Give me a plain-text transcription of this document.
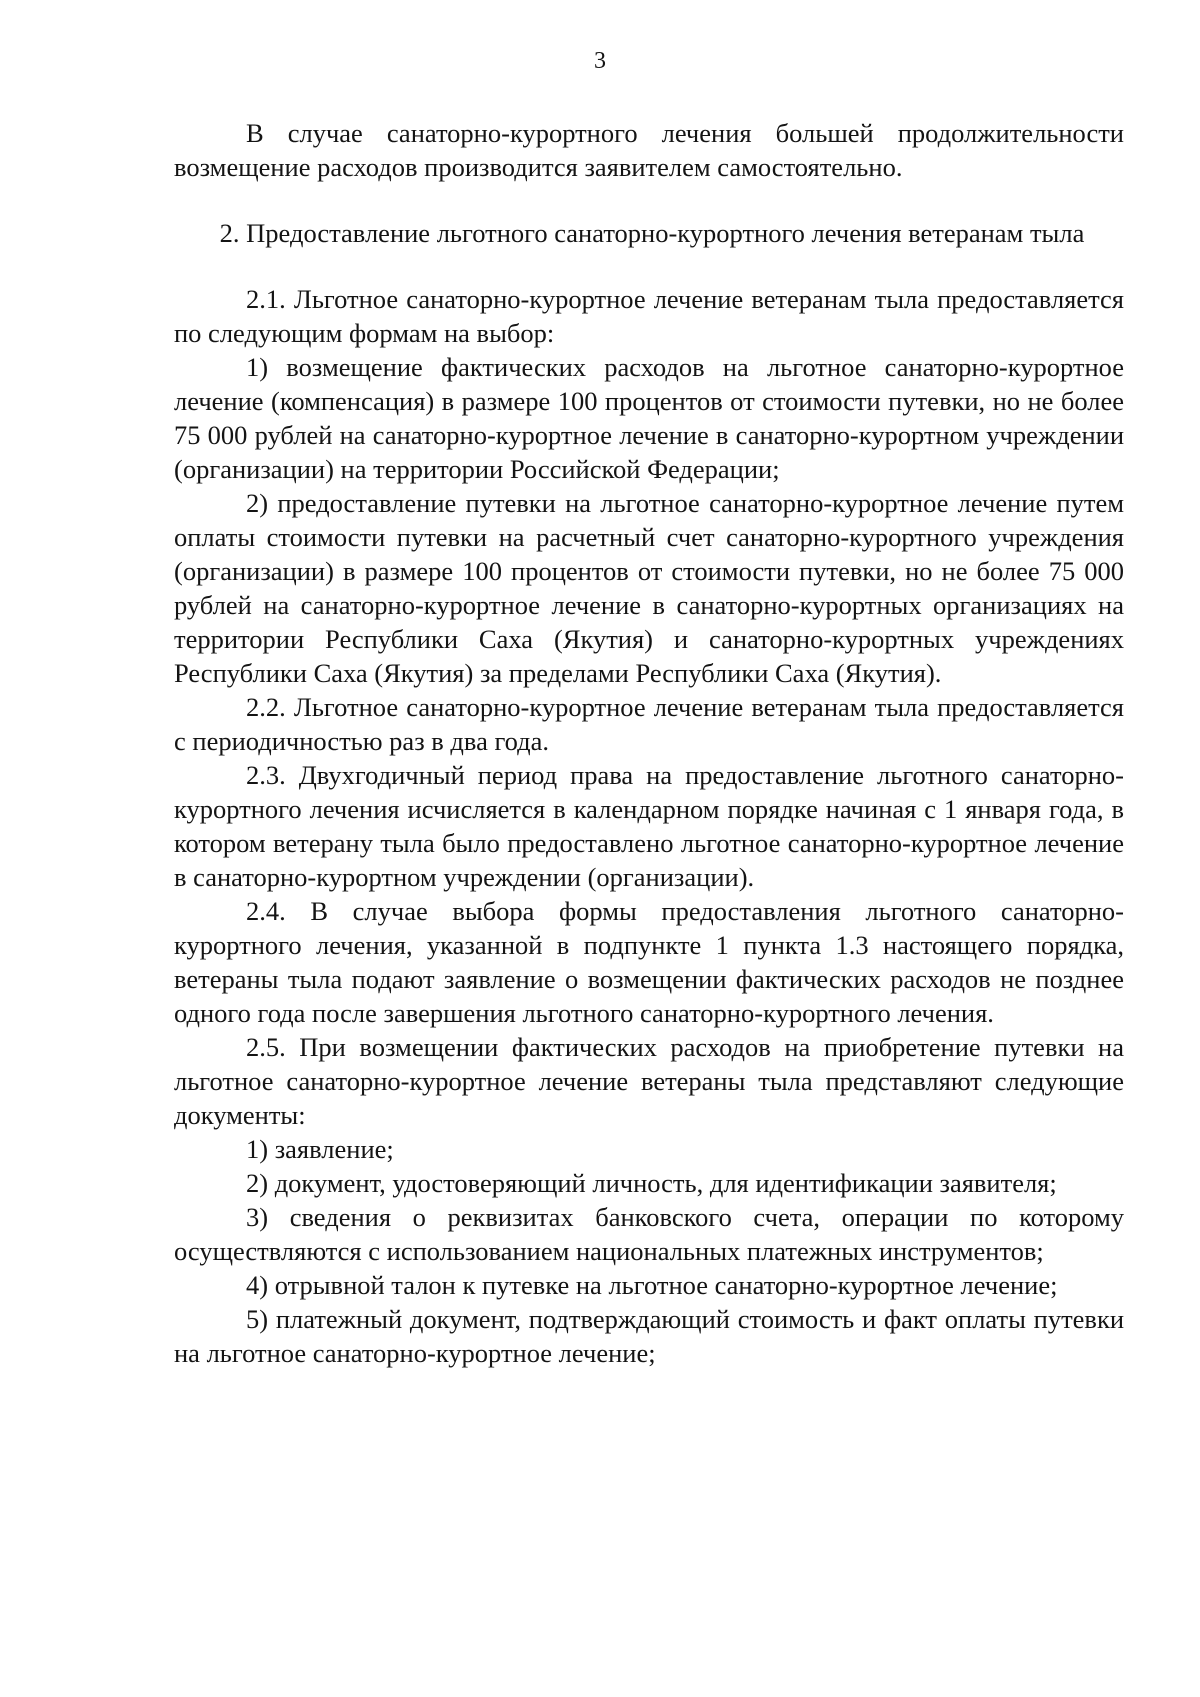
3

В случае санаторно-курортного лечения большей продолжительности возмещение расходов производится заявителем самостоятельно.

2. Предоставление льготного санаторно-курортного лечения ветеранам тыла

2.1. Льготное санаторно-курортное лечение ветеранам тыла предоставляется по следующим формам на выбор:

1) возмещение фактических расходов на льготное санаторно-курортное лечение (компенсация) в размере 100 процентов от стоимости путевки, но не более 75 000 рублей на санаторно-курортное лечение в санаторно-курортном учреждении (организации) на территории Российской Федерации;

2) предоставление путевки на льготное санаторно-курортное лечение путем оплаты стоимости путевки на расчетный счет санаторно-курортного учреждения (организации) в размере 100 процентов от стоимости путевки, но не более 75 000 рублей на санаторно-курортное лечение в санаторно-курортных организациях на территории Республики Саха (Якутия) и санаторно-курортных учреждениях Республики Саха (Якутия) за пределами Республики Саха (Якутия).

2.2. Льготное санаторно-курортное лечение ветеранам тыла предоставляется с периодичностью раз в два года.

2.3. Двухгодичный период права на предоставление льготного санаторно-курортного лечения исчисляется в календарном порядке начиная с 1 января года, в котором ветерану тыла было предоставлено льготное санаторно-курортное лечение в санаторно-курортном учреждении (организации).

2.4. В случае выбора формы предоставления льготного санаторно-курортного лечения, указанной в подпункте 1 пункта 1.3 настоящего порядка, ветераны тыла подают заявление о возмещении фактических расходов не позднее одного года после завершения льготного санаторно-курортного лечения.

2.5. При возмещении фактических расходов на приобретение путевки на льготное санаторно-курортное лечение ветераны тыла представляют следующие документы:

1) заявление;

2) документ, удостоверяющий личность, для идентификации заявителя;

3) сведения о реквизитах банковского счета, операции по которому осуществляются с использованием национальных платежных инструментов;

4) отрывной талон к путевке на льготное санаторно-курортное лечение;

5) платежный документ, подтверждающий стоимость и факт оплаты путевки на льготное санаторно-курортное лечение;
